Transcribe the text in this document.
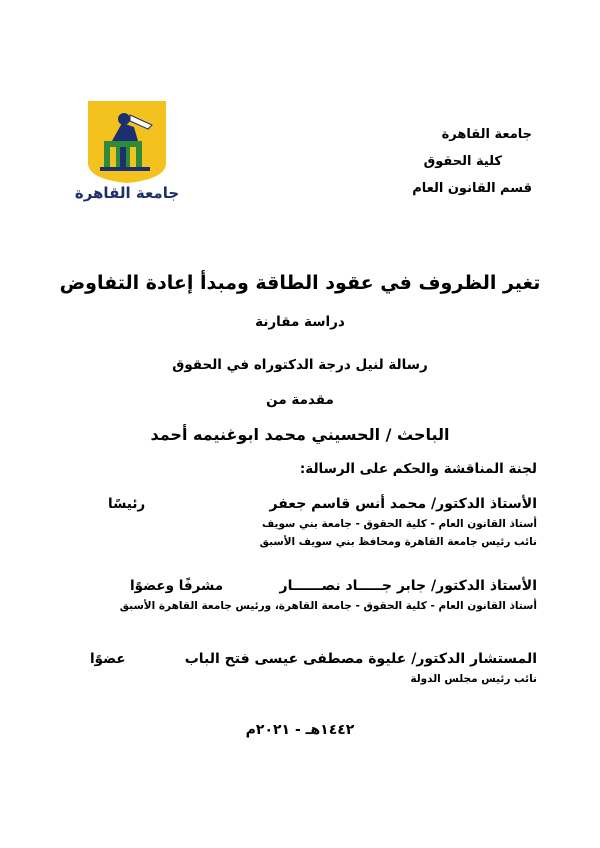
جامعة القاهرة
جامعة القاهرة
كلية الحقوق
قسم القانون العام
تغير الظروف في عقود الطاقة ومبدأ إعادة التفاوض
دراسة مقارنة
رسالة لنيل درجة الدكتوراه في الحقوق
مقدمة من
الباحث / الحسيني محمد ابوغنيمه أحمد
لجنة المناقشة والحكم على الرسالة:
الأستاذ الدكتور/ محمد أنس قاسم جعفر
رئيسًا
أستاذ القانون العام - كلية الحقوق - جامعة بني سويف
نائب رئيس جامعة القاهرة ومحافظ بني سويف الأسبق
الأستاذ الدكتور/ جابر جـــــاد نصــــــار
مشرفًا وعضوًا
أستاذ القانون العام - كلية الحقوق - جامعة القاهرة، ورئيس جامعة القاهرة الأسبق
المستشار الدكتور/ عليوة مصطفى عيسى فتح الباب
عضوًا
نائب رئيس مجلس الدولة
١٤٤٢هـ - ٢٠٢١م
